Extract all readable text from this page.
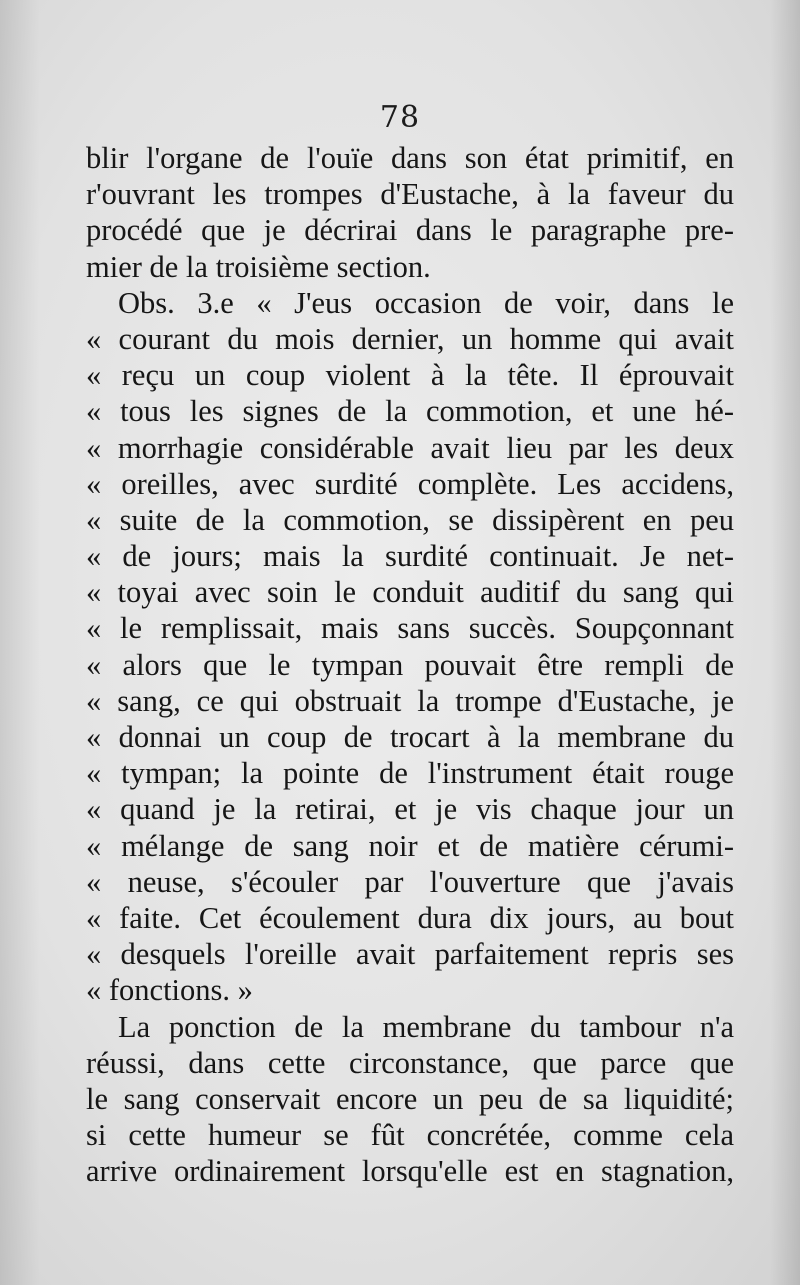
78
blir l'organe de l'ouïe dans son état primitif, en
r'ouvrant les trompes d'Eustache, à la faveur du
procédé que je décrirai dans le paragraphe pre-
mier de la troisième section.
Obs. 3.e « J'eus occasion de voir, dans le
« courant du mois dernier, un homme qui avait
« reçu un coup violent à la tête. Il éprouvait
« tous les signes de la commotion, et une hé-
« morrhagie considérable avait lieu par les deux
« oreilles, avec surdité complète. Les accidens,
« suite de la commotion, se dissipèrent en peu
« de jours; mais la surdité continuait. Je net-
« toyai avec soin le conduit auditif du sang qui
« le remplissait, mais sans succès. Soupçonnant
« alors que le tympan pouvait être rempli de
« sang, ce qui obstruait la trompe d'Eustache, je
« donnai un coup de trocart à la membrane du
« tympan; la pointe de l'instrument était rouge
« quand je la retirai, et je vis chaque jour un
« mélange de sang noir et de matière cérumi-
« neuse, s'écouler par l'ouverture que j'avais
« faite. Cet écoulement dura dix jours, au bout
« desquels l'oreille avait parfaitement repris ses
« fonctions. »
La ponction de la membrane du tambour n'a
réussi, dans cette circonstance, que parce que
le sang conservait encore un peu de sa liquidité;
si cette humeur se fût concrétée, comme cela
arrive ordinairement lorsqu'elle est en stagnation,
